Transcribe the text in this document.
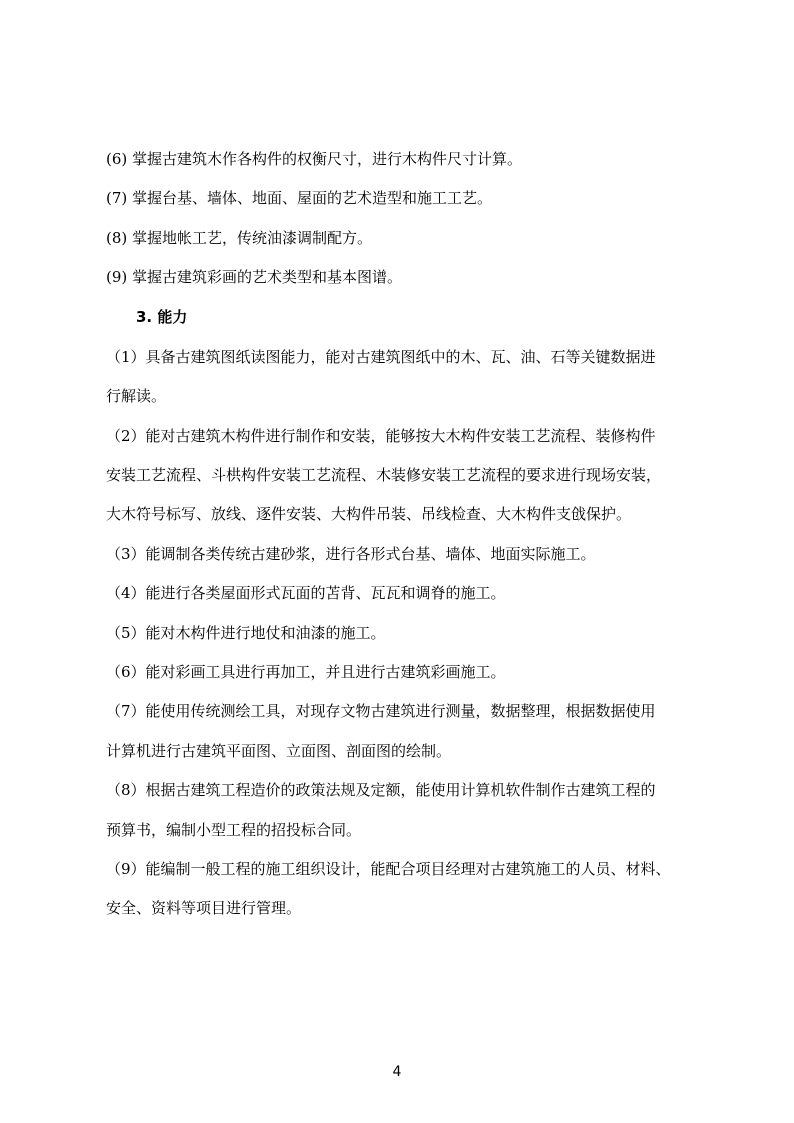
(6) 掌握古建筑木作各构件的权衡尺寸，进行木构件尺寸计算。
(7) 掌握台基、墙体、地面、屋面的艺术造型和施工工艺。
(8) 掌握地帐工艺，传统油漆调制配方。
(9) 掌握古建筑彩画的艺术类型和基本图谱。
3. 能力
（1）具备古建筑图纸读图能力，能对古建筑图纸中的木、瓦、油、石等关键数据进
行解读。
（2）能对古建筑木构件进行制作和安装，能够按大木构件安装工艺流程、装修构件
安装工艺流程、斗栱构件安装工艺流程、木装修安装工艺流程的要求进行现场安装，
大木符号标写、放线、逐件安装、大构件吊装、吊线检查、大木构件支戗保护。
（3）能调制各类传统古建砂浆，进行各形式台基、墙体、地面实际施工。
（4）能进行各类屋面形式瓦面的苫背、瓦瓦和调脊的施工。
（5）能对木构件进行地仗和油漆的施工。
（6）能对彩画工具进行再加工，并且进行古建筑彩画施工。
（7）能使用传统测绘工具，对现存文物古建筑进行测量，数据整理，根据数据使用
计算机进行古建筑平面图、立面图、剖面图的绘制。
（8）根据古建筑工程造价的政策法规及定额，能使用计算机软件制作古建筑工程的
预算书，编制小型工程的招投标合同。
（9）能编制一般工程的施工组织设计，能配合项目经理对古建筑施工的人员、材料、
安全、资料等项目进行管理。
4
